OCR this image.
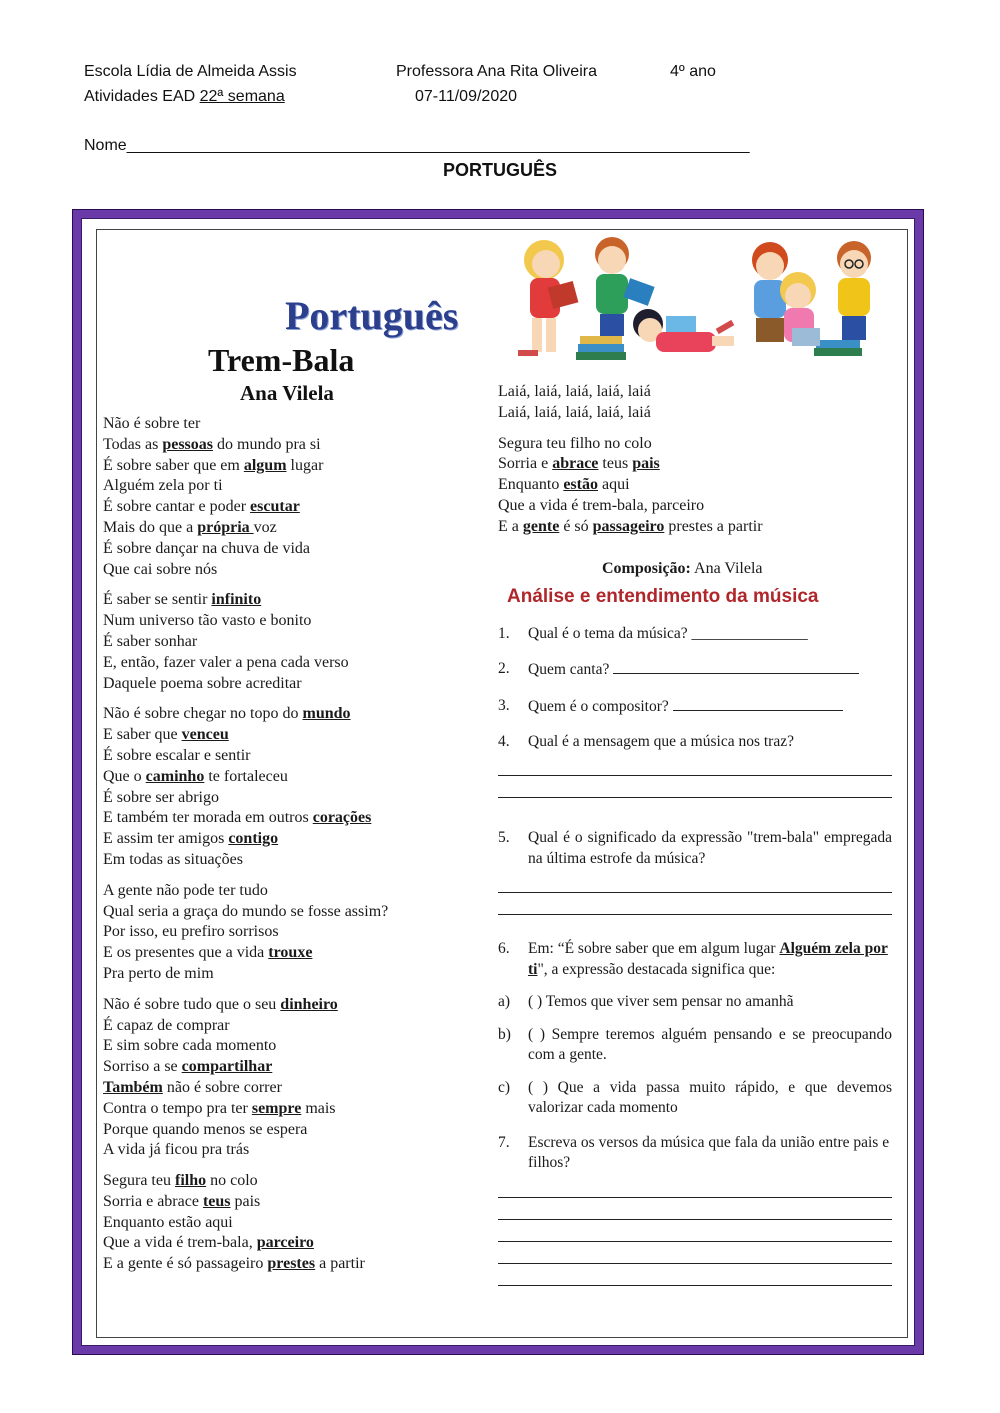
Escola Lídia de Almeida Assis	Professora Ana Rita Oliveira	4º ano
Atividades EAD 22ª semana	07-11/09/2020
Nome______________________________________________________________________
PORTUGUÊS
Português
Trem-Bala
Ana Vilela
Não é sobre ter
Todas as pessoas do mundo pra si
É sobre saber que em algum lugar
Alguém zela por ti
É sobre cantar e poder escutar
Mais do que a própria voz
É sobre dançar na chuva de vida
Que cai sobre nós
É saber se sentir infinito
Num universo tão vasto e bonito
É saber sonhar
E, então, fazer valer a pena cada verso
Daquele poema sobre acreditar
Não é sobre chegar no topo do mundo
E saber que venceu
É sobre escalar e sentir
Que o caminho te fortaleceu
É sobre ser abrigo
E também ter morada em outros corações
E assim ter amigos contigo
Em todas as situações
A gente não pode ter tudo
Qual seria a graça do mundo se fosse assim?
Por isso, eu prefiro sorrisos
E os presentes que a vida trouxe
Pra perto de mim
Não é sobre tudo que o seu dinheiro
É capaz de comprar
E sim sobre cada momento
Sorriso a se compartilhar
Também não é sobre correr
Contra o tempo pra ter sempre mais
Porque quando menos se espera
A vida já ficou pra trás
Segura teu filho no colo
Sorria e abrace teus pais
Enquanto estão aqui
Que a vida é trem-bala, parceiro
E a gente é só passageiro prestes a partir
Laiá, laiá, laiá, laiá, laiá
Laiá, laiá, laiá, laiá, laiá
Segura teu filho no colo
Sorria e abrace teus pais
Enquanto estão aqui
Que a vida é trem-bala, parceiro
E a gente é só passageiro prestes a partir
Composição: Ana Vilela
Análise e entendimento da música
1. Qual é o tema da música? _______________
2. Quem canta?
3. Quem é o compositor?
4. Qual é a mensagem que a música nos traz?
5. Qual é o significado da expressão "trem-bala" empregada na última estrofe da música?
6. Em: “É sobre saber que em algum lugar Alguém zela por ti", a expressão destacada significa que:
a) ( ) Temos que viver sem pensar no amanhã
b) ( ) Sempre teremos alguém pensando e se preocupando com a gente.
c) ( ) Que a vida passa muito rápido, e que devemos valorizar cada momento
7. Escreva os versos da música que fala da união entre pais e filhos?
